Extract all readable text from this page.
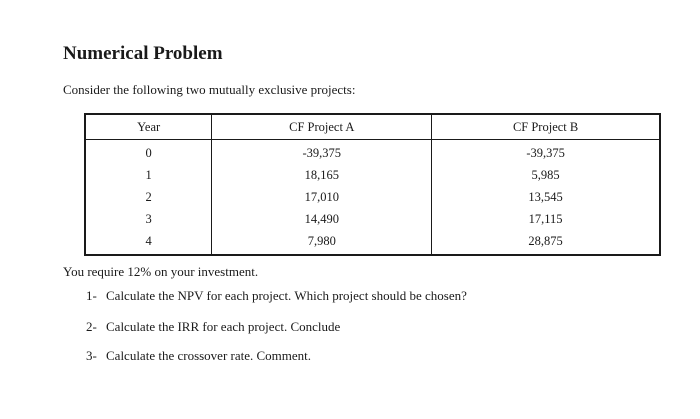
Numerical Problem
Consider the following two mutually exclusive projects:
Year	CF Project A	CF Project B
0	-39,375	-39,375
1	18,165	5,985
2	17,010	13,545
3	14,490	17,115
4	7,980	28,875
You require 12% on your investment.
1- Calculate the NPV for each project. Which project should be chosen?
2- Calculate the IRR for each project. Conclude
3- Calculate the crossover rate. Comment.
